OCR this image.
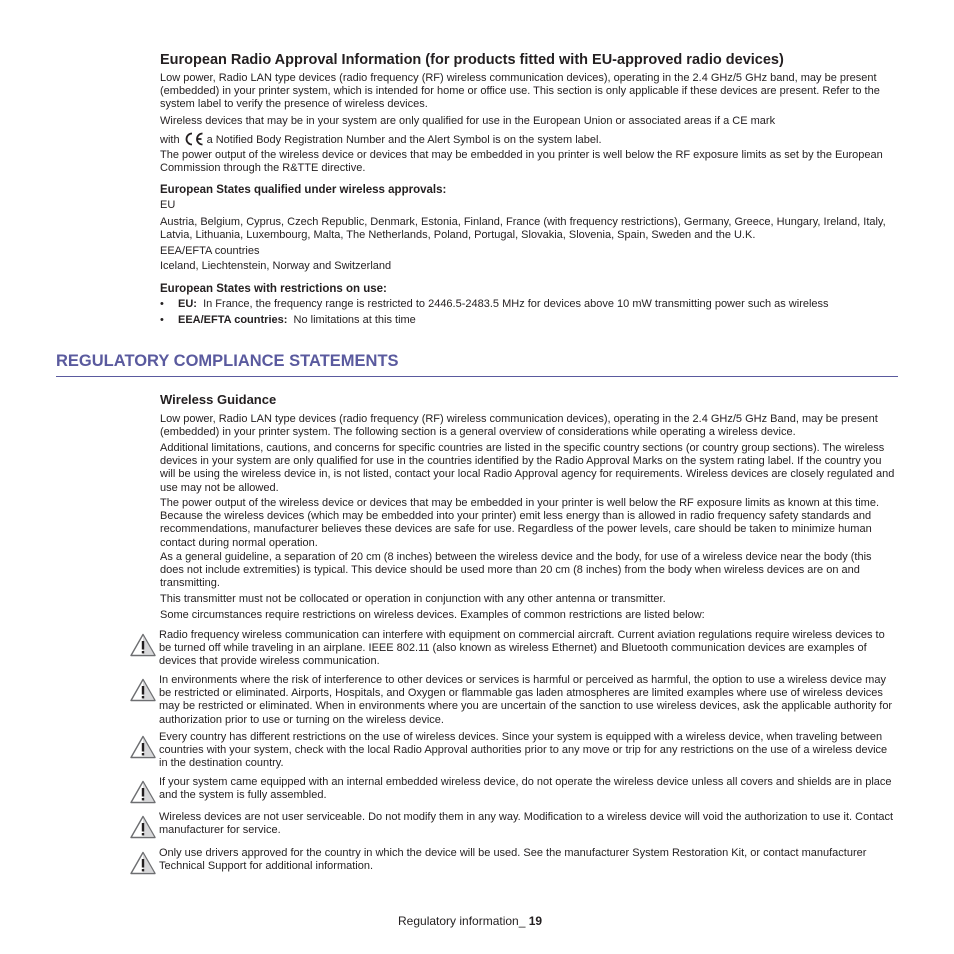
European Radio Approval Information (for products fitted with EU-approved radio devices)
Low power, Radio LAN type devices (radio frequency (RF) wireless communication devices), operating in the 2.4 GHz/5 GHz band, may be present (embedded) in your printer system, which is intended for home or office use. This section is only applicable if these devices are present. Refer to the system label to verify the presence of wireless devices.
Wireless devices that may be in your system are only qualified for use in the European Union or associated areas if a CE mark
with a Notified Body Registration Number and the Alert Symbol is on the system label.
The power output of the wireless device or devices that may be embedded in you printer is well below the RF exposure limits as set by the European Commission through the R&TTE directive.
European States qualified under wireless approvals:
EU
Austria, Belgium, Cyprus, Czech Republic, Denmark, Estonia, Finland, France (with frequency restrictions), Germany, Greece, Hungary, Ireland, Italy, Latvia, Lithuania, Luxembourg, Malta, The Netherlands, Poland, Portugal, Slovakia, Slovenia, Spain, Sweden and the U.K.
EEA/EFTA countries
Iceland, Liechtenstein, Norway and Switzerland
European States with restrictions on use:
• EU: In France, the frequency range is restricted to 2446.5-2483.5 MHz for devices above 10 mW transmitting power such as wireless
• EEA/EFTA countries: No limitations at this time
REGULATORY COMPLIANCE STATEMENTS
Wireless Guidance
Low power, Radio LAN type devices (radio frequency (RF) wireless communication devices), operating in the 2.4 GHz/5 GHz Band, may be present (embedded) in your printer system. The following section is a general overview of considerations while operating a wireless device.
Additional limitations, cautions, and concerns for specific countries are listed in the specific country sections (or country group sections). The wireless devices in your system are only qualified for use in the countries identified by the Radio Approval Marks on the system rating label. If the country you will be using the wireless device in, is not listed, contact your local Radio Approval agency for requirements. Wireless devices are closely regulated and use may not be allowed.
The power output of the wireless device or devices that may be embedded in your printer is well below the RF exposure limits as known at this time. Because the wireless devices (which may be embedded into your printer) emit less energy than is allowed in radio frequency safety standards and recommendations, manufacturer believes these devices are safe for use. Regardless of the power levels, care should be taken to minimize human contact during normal operation.
As a general guideline, a separation of 20 cm (8 inches) between the wireless device and the body, for use of a wireless device near the body (this does not include extremities) is typical. This device should be used more than 20 cm (8 inches) from the body when wireless devices are on and transmitting.
This transmitter must not be collocated or operation in conjunction with any other antenna or transmitter.
Some circumstances require restrictions on wireless devices. Examples of common restrictions are listed below:
Radio frequency wireless communication can interfere with equipment on commercial aircraft. Current aviation regulations require wireless devices to be turned off while traveling in an airplane. IEEE 802.11 (also known as wireless Ethernet) and Bluetooth communication devices are examples of devices that provide wireless communication.
In environments where the risk of interference to other devices or services is harmful or perceived as harmful, the option to use a wireless device may be restricted or eliminated. Airports, Hospitals, and Oxygen or flammable gas laden atmospheres are limited examples where use of wireless devices may be restricted or eliminated. When in environments where you are uncertain of the sanction to use wireless devices, ask the applicable authority for authorization prior to use or turning on the wireless device.
Every country has different restrictions on the use of wireless devices. Since your system is equipped with a wireless device, when traveling between countries with your system, check with the local Radio Approval authorities prior to any move or trip for any restrictions on the use of a wireless device in the destination country.
If your system came equipped with an internal embedded wireless device, do not operate the wireless device unless all covers and shields are in place and the system is fully assembled.
Wireless devices are not user serviceable. Do not modify them in any way. Modification to a wireless device will void the authorization to use it. Contact manufacturer for service.
Only use drivers approved for the country in which the device will be used. See the manufacturer System Restoration Kit, or contact manufacturer Technical Support for additional information.
Regulatory information_ 19
